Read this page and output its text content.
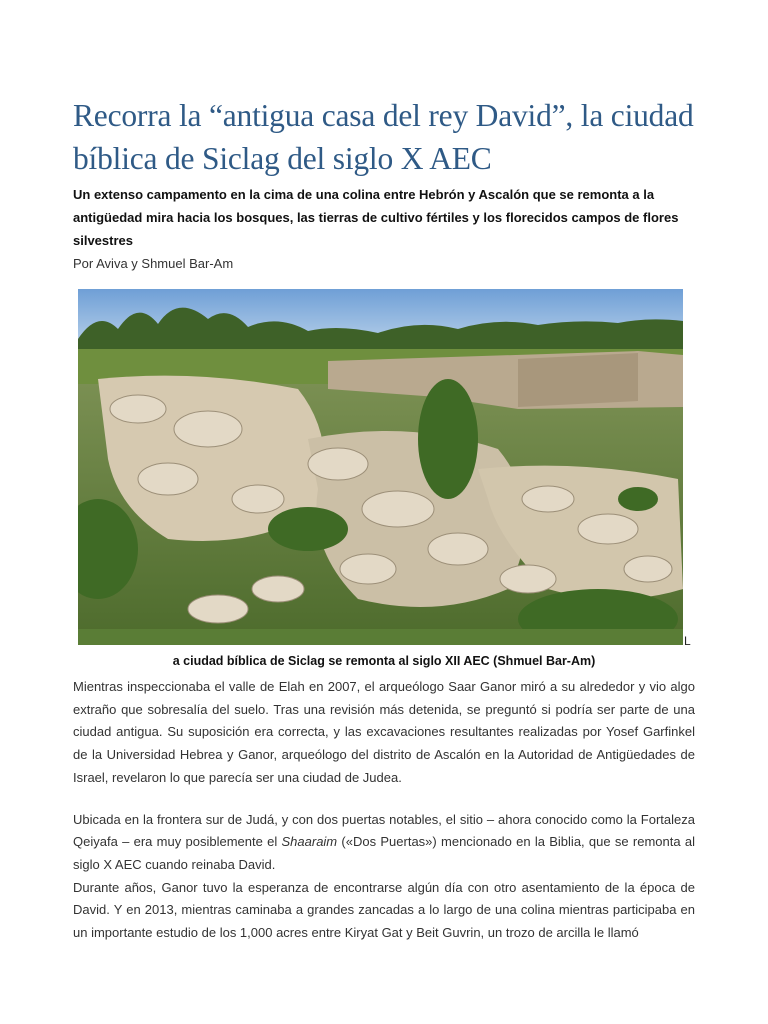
Recorra la “antigua casa del rey David”, la ciudad bíblica de Siclag del siglo X AEC

Un extenso campamento en la cima de una colina entre Hebrón y Ascalón que se remonta a la antigüedad mira hacia los bosques, las tierras de cultivo fértiles y los florecidos campos de flores silvestres

Por Aviva y Shmuel Bar-Am

L
a ciudad bíblica de Siclag se remonta al siglo XII AEC (Shmuel Bar-Am)

Mientras inspeccionaba el valle de Elah en 2007, el arqueólogo Saar Ganor miró a su alrededor y vio algo extraño que sobresalía del suelo. Tras una revisión más detenida, se preguntó si podría ser parte de una ciudad antigua. Su suposición era correcta, y las excavaciones resultantes realizadas por Yosef Garfinkel de la Universidad Hebrea y Ganor, arqueólogo del distrito de Ascalón en la Autoridad de Antigüedades de Israel, revelaron lo que parecía ser una ciudad de Judea.

Ubicada en la frontera sur de Judá, y con dos puertas notables, el sitio – ahora conocido como la Fortaleza Qeiyafa – era muy posiblemente el Shaaraim («Dos Puertas») mencionado en la Biblia, que se remonta al siglo X AEC cuando reinaba David.

Durante años, Ganor tuvo la esperanza de encontrarse algún día con otro asentamiento de la época de David. Y en 2013, mientras caminaba a grandes zancadas a lo largo de una colina mientras participaba en un importante estudio de los 1,000 acres entre Kiryat Gat y Beit Guvrin, un trozo de arcilla le llamó
